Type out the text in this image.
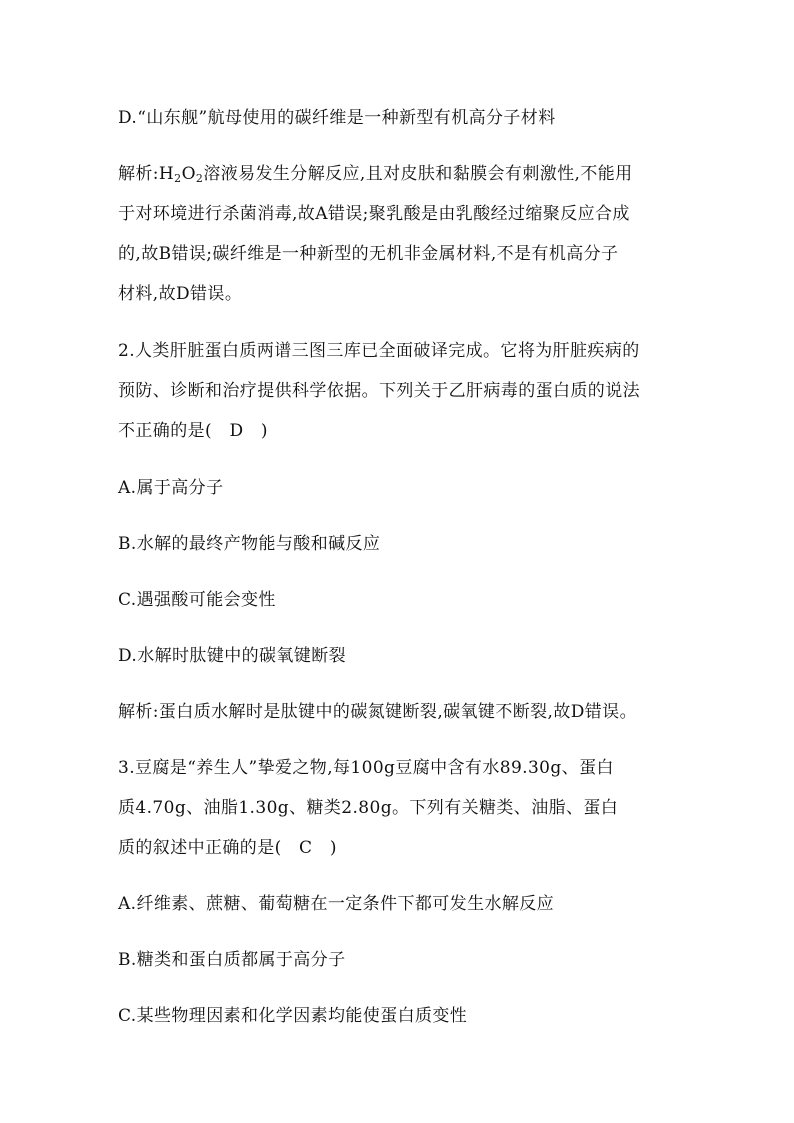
D.“山东舰”航母使用的碳纤维是一种新型有机高分子材料
解析$:H_2O_2$溶液易发生分解反应,且对皮肤和黏膜会有刺激性,不能用
于对环境进行杀菌消毒,故A错误;聚乳酸是由乳酸经过缩聚反应合成
的,故B错误;碳纤维是一种新型的无机非金属材料,不是有机高分子
材料,故D错误。
2.人类肝脏蛋白质两谱三图三库已全面破译完成。它将为肝脏疾病的
预防、诊断和治疗提供科学依据。下列关于乙肝病毒的蛋白质的说法
不正确的是(   D   )
A.属于高分子
B.水解的最终产物能与酸和碱反应
C.遇强酸可能会变性
D.水解时肽键中的碳氧键断裂
解析:蛋白质水解时是肽键中的碳氮键断裂,碳氧键不断裂,故D错误。
3.豆腐是“养生人”挚爱之物,每100g豆腐中含有水89.30g、蛋白
质4.70g、油脂1.30g、糖类2.80g。下列有关糖类、油脂、蛋白
质的叙述中正确的是(   C   )
A.纤维素、蔗糖、葡萄糖在一定条件下都可发生水解反应
B.糖类和蛋白质都属于高分子
C.某些物理因素和化学因素均能使蛋白质变性
